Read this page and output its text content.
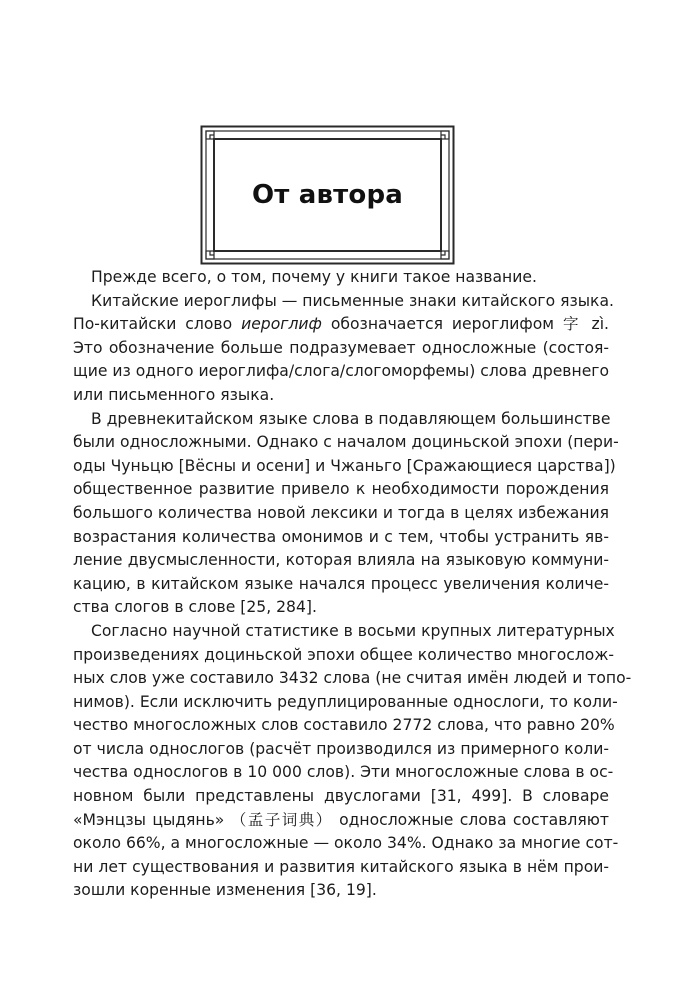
От автора
Прежде всего, о том, почему у книги такое название.
Китайские иероглифы — письменные знаки китайского языка.
По-китайски слово иероглиф обозначается иероглифом 字 zì.
Это обозначение больше подразумевает односложные (состоя-
щие из одного иероглифа/слога/слогоморфемы) слова древнего
или письменного языка.
В древнекитайском языке слова в подавляющем большинстве
были односложными. Однако с началом доциньской эпохи (пери-
оды Чуньцю [Вёсны и осени] и Чжаньго [Сражающиеся царства])
общественное развитие привело к необходимости порождения
большого количества новой лексики и тогда в целях избежания
возрастания количества омонимов и с тем, чтобы устранить яв-
ление двусмысленности, которая влияла на языковую коммуни-
кацию, в китайском языке начался процесс увеличения количе-
ства слогов в слове [25, 284].
Согласно научной статистике в восьми крупных литературных
произведениях доциньской эпохи общее количество многослож-
ных слов уже составило 3432 слова (не считая имён людей и топо-
нимов). Если исключить редуплицированные однослоги, то коли-
чество многосложных слов составило 2772 слова, что равно 20%
от числа однослогов (расчёт производился из примерного коли-
чества однослогов в 10 000 слов). Эти многосложные слова в ос-
новном были представлены двуслогами [31, 499]. В словаре
«Мэнцзы цыдянь» （孟子词典） односложные слова составляют
около 66%, а многосложные — около 34%. Однако за многие сот-
ни лет существования и развития китайского языка в нём прои-
зошли коренные изменения [36, 19].
